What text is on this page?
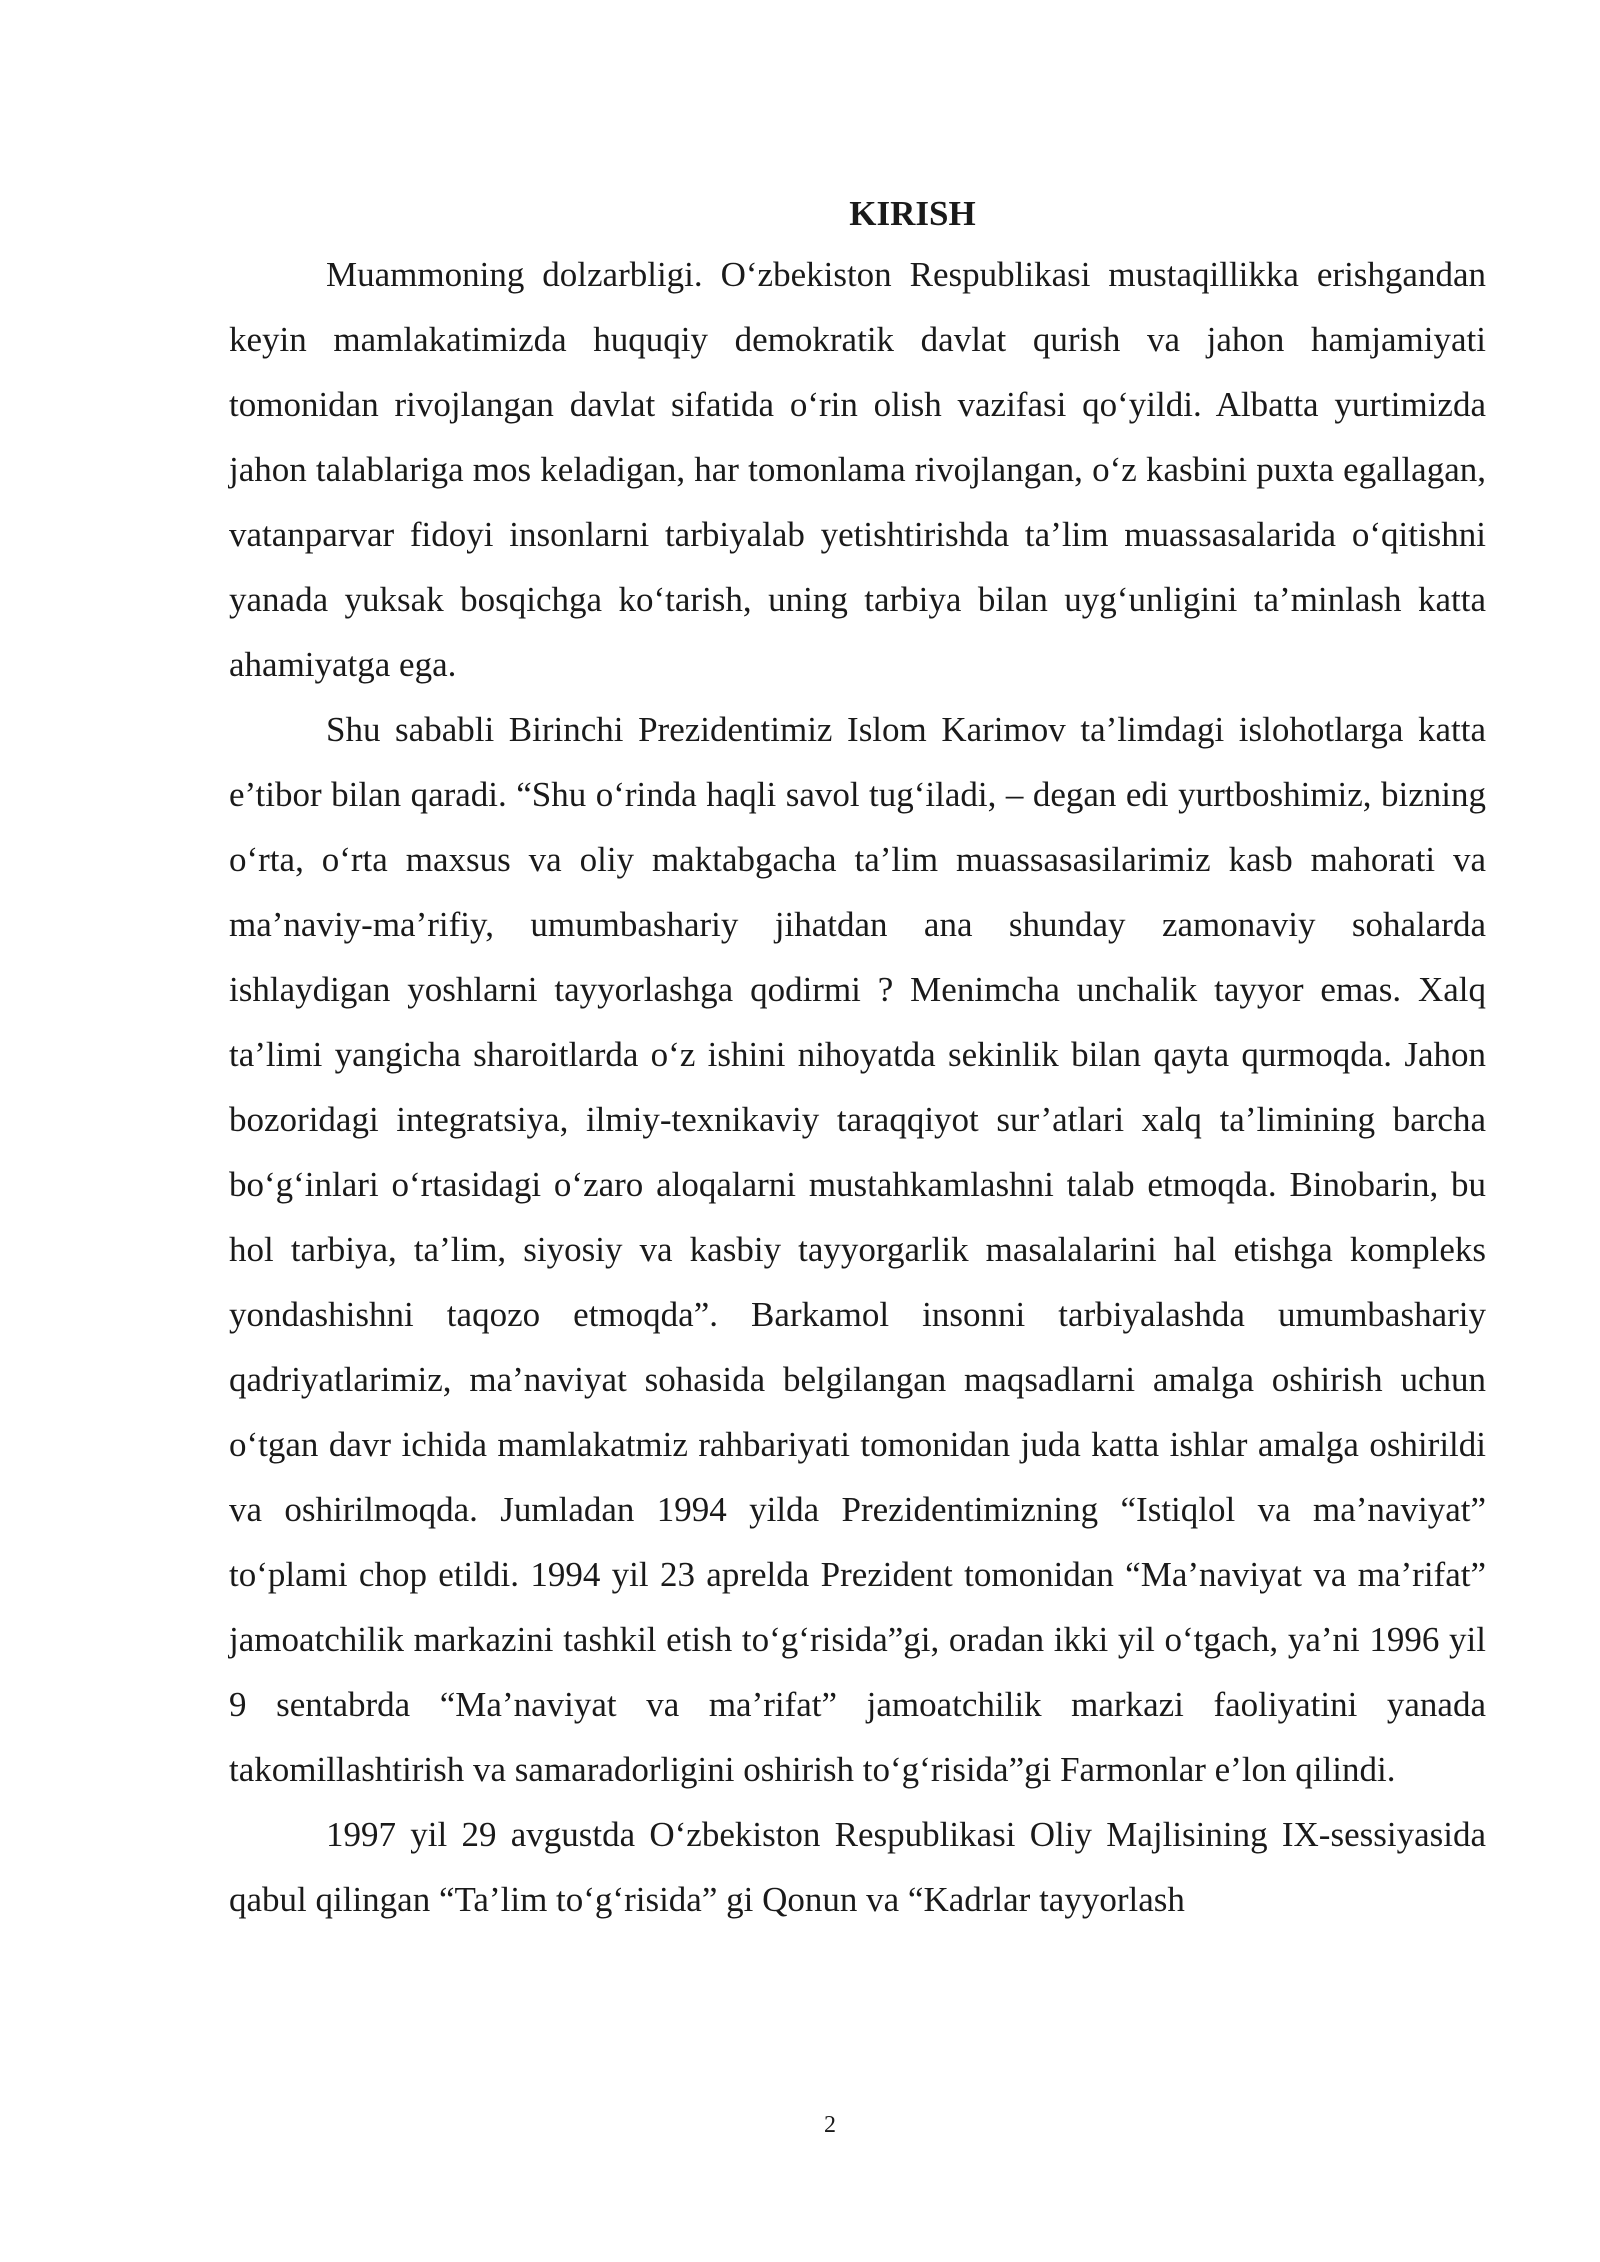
KIRISH

Muammoning dolzarbligi. O‘zbekiston Respublikasi mustaqillikka erishgandan keyin mamlakatimizda huquqiy demokratik davlat qurish va jahon hamjamiyati tomonidan rivojlangan davlat sifatida o‘rin olish vazifasi qo‘yildi. Albatta yurtimizda jahon talablariga mos keladigan, har tomonlama rivojlangan, o‘z kasbini puxta egallagan, vatanparvar fidoyi insonlarni tarbiyalab yetishtirishda ta’lim muassasalarida o‘qitishni yanada yuksak bosqichga ko‘tarish, uning tarbiya bilan uyg‘unligini ta’minlash katta ahamiyatga ega.

Shu sababli Birinchi Prezidentimiz Islom Karimov ta’limdagi islohotlarga katta e’tibor bilan qaradi. “Shu o‘rinda haqli savol tug‘iladi, – degan edi yurtboshimiz, bizning o‘rta, o‘rta maxsus va oliy maktabgacha ta’lim muassasasilarimiz kasb mahorati va ma’naviy-ma’rifiy, umumbashariy jihatdan ana shunday zamonaviy sohalarda ishlaydigan yoshlarni tayyorlashga qodirmi ? Menimcha unchalik tayyor emas. Xalq ta’limi yangicha sharoitlarda o‘z ishini nihoyatda sekinlik bilan qayta qurmoqda. Jahon bozoridagi integratsiya, ilmiy-texnikaviy taraqqiyot sur’atlari xalq ta’limining barcha bo‘g‘inlari o‘rtasidagi o‘zaro aloqalarni mustahkamlashni talab etmoqda. Binobarin, bu hol tarbiya, ta’lim, siyosiy va kasbiy tayyorgarlik masalalarini hal etishga kompleks yondashishni taqozo etmoqda”. Barkamol insonni tarbiyalashda umumbashariy qadriyatlarimiz, ma’naviyat sohasida belgilangan maqsadlarni amalga oshirish uchun o‘tgan davr ichida mamlakatmiz rahbariyati tomonidan juda katta ishlar amalga oshirildi va oshirilmoqda. Jumladan 1994 yilda Prezidentimizning “Istiqlol va ma’naviyat” to‘plami chop etildi. 1994 yil 23 aprelda Prezident tomonidan “Ma’naviyat va ma’rifat” jamoatchilik markazini tashkil etish to‘g‘risida”gi, oradan ikki yil o‘tgach, ya’ni 1996 yil 9 sentabrda “Ma’naviyat va ma’rifat” jamoatchilik markazi faoliyatini yanada takomillashtirish va samaradorligini oshirish to‘g‘risida”gi Farmonlar e’lon qilindi.

1997 yil 29 avgustda O‘zbekiston Respublikasi Oliy Majlisining IX-sessiyasida qabul qilingan “Ta’lim to‘g‘risida” gi Qonun va “Kadrlar tayyorlash

2
